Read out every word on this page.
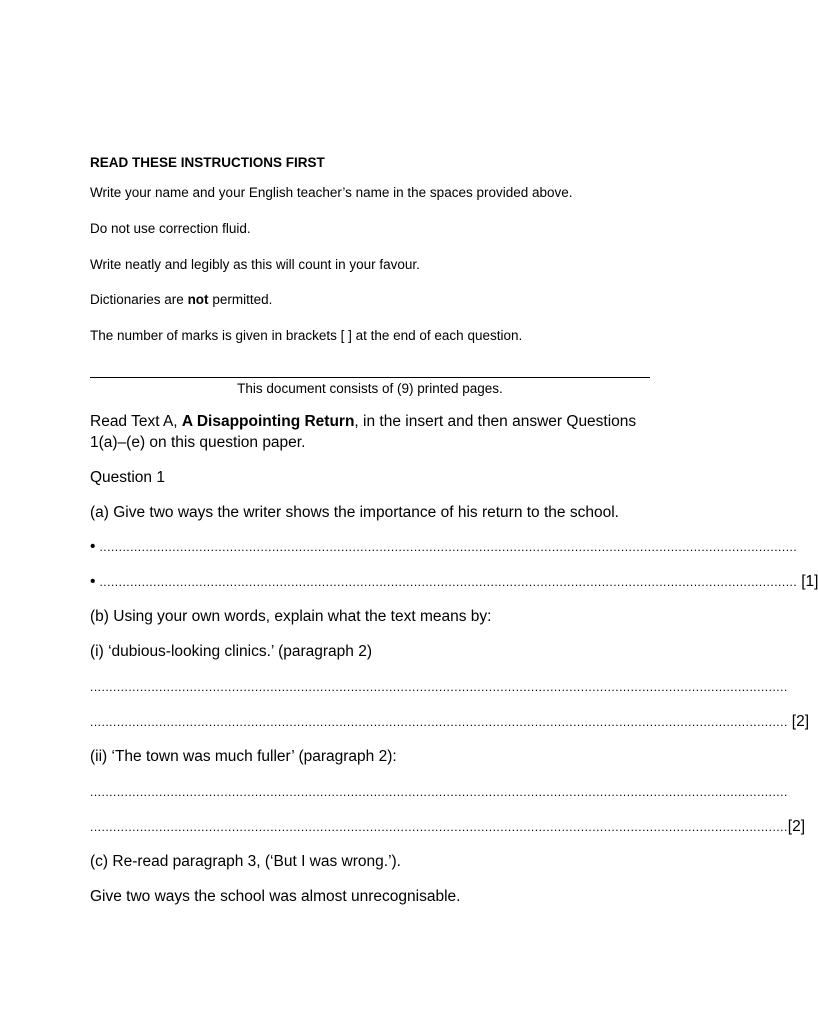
READ THESE INSTRUCTIONS FIRST
Write your name and your English teacher’s name in the spaces provided above.
Do not use correction fluid.
Write neatly and legibly as this will count in your favour.
Dictionaries are not permitted.
The number of marks is given in brackets [ ] at the end of each question.
This document consists of (9) printed pages.
Read Text A, A Disappointing Return, in the insert and then answer Questions
1(a)–(e) on this question paper.
Question 1
(a) Give two ways the writer shows the importance of his return to the school.
• ......................................................................................................................................................................................
• ...................................................................................................................................................................................... [1]
(b) Using your own words, explain what the text means by:
(i) ‘dubious-looking clinics.’ (paragraph 2)
......................................................................................................................................................................................
...................................................................................................................................................................................... [2]
(ii) ‘The town was much fuller’ (paragraph 2):
......................................................................................................................................................................................
...................................................................................................................................................................................... [2]
(c) Re-read paragraph 3, (‘But I was wrong.’).
Give two ways the school was almost unrecognisable.
